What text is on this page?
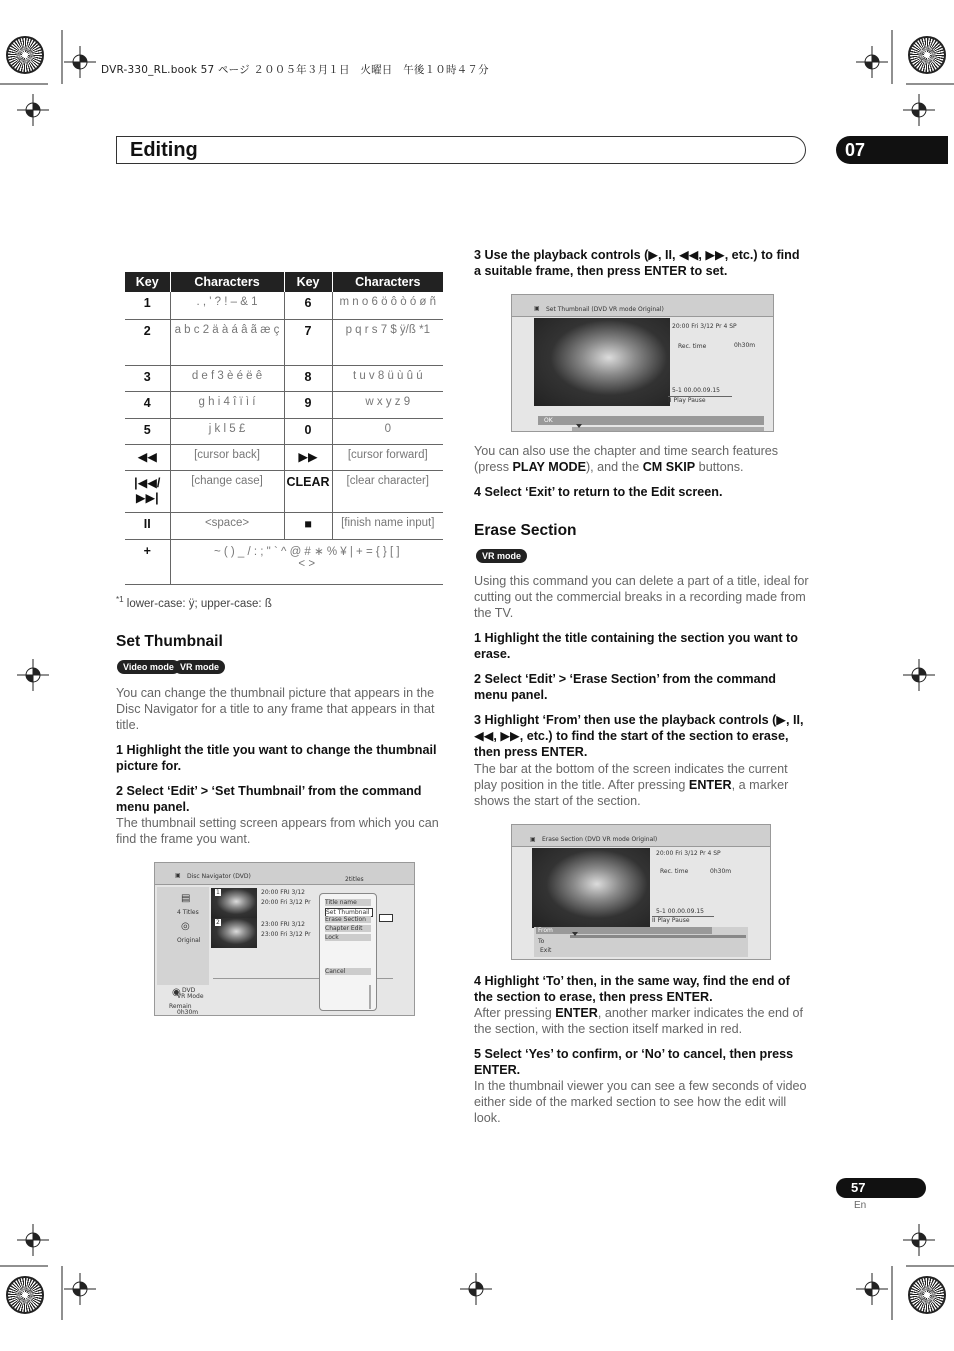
DVR-330_RL.book 57 ページ ２００５年３月１日　火曜日　午後１０時４７分
Editing	07
Key	Characters	Key	Characters
1	. , ' ? ! – & 1	6	m n o 6 ö ô ò ó ø ñ
2	a b c 2 ä à á â ã æ ç	7	p q r s 7 $ ÿ/ß *1
3	d e f 3 è é ë ê	8	t u v 8 ü ù û ú
4	g h i 4 î ï ì í	9	w x y z 9
5	j k l 5 £	0	0
◀◀	[cursor back]	▶▶	[cursor forward]
|◀◀/ ▶▶|	[change case]	CLEAR	[clear character]
II	<space>	■	[finish name input]
+	~ ( ) _ / : ; " ` ^ @ # ∗ % ¥ | + = { } [ ] < >		
$^{*1}$ lower-case: ÿ; upper-case: ß
Set Thumbnail
Video mode VR mode
You can change the thumbnail picture that appears in the Disc Navigator for a title to any frame that appears in that title.
1 Highlight the title you want to change the thumbnail picture for.
2 Select ‘Edit’ > ‘Set Thumbnail’ from the command menu panel.
The thumbnail setting screen appears from which you can find the frame you want.
▣ Disc Navigator (DVD)	2titles
▤
4 Titles
◎
Original
◉ DVD
VR Mode
Remain
0h30m
1	20:00 FRI 3/12
20:00 Fri 3/12 Pr
2	23:00 FRI 3/12
23:00 Fri 3/12 Pr
Title name
Set Thumbnail
Erase Section
Chapter Edit
Lock
Cancel
3 Use the playback controls (▶, II, ◀◀, ▶▶, etc.) to find a suitable frame, then press ENTER to set.
▣ Set Thumbnail (DVD VR mode Original)
20:00 Fri 3/12 Pr 4 SP
Rec. time	0h30m
5-1 00.00.09.15
II Play Pause
OK
You can also use the chapter and time search features (press PLAY MODE), and the CM SKIP buttons.
4 Select ‘Exit’ to return to the Edit screen.
Erase Section
VR mode
Using this command you can delete a part of a title, ideal for cutting out the commercial breaks in a recording made from the TV.
1 Highlight the title containing the section you want to erase.
2 Select ‘Edit’ > ‘Erase Section’ from the command menu panel.
3 Highlight ‘From’ then use the playback controls (▶, II, ◀◀, ▶▶, etc.) to find the start of the section to erase, then press ENTER.
The bar at the bottom of the screen indicates the current play position in the title. After pressing ENTER, a marker shows the start of the section.
▣ Erase Section (DVD VR mode Original)
20:00 Fri 3/12 Pr 4 SP
Rec. time	0h30m
5-1 00.00.09.15
II Play Pause
From
To
Exit
4 Highlight ‘To’ then, in the same way, find the end of the section to erase, then press ENTER.
After pressing ENTER, another marker indicates the end of the section, with the section itself marked in red.
5 Select ‘Yes’ to confirm, or ‘No’ to cancel, then press ENTER.
In the thumbnail viewer you can see a few seconds of video either side of the marked section to see how the edit will look.
57
En
